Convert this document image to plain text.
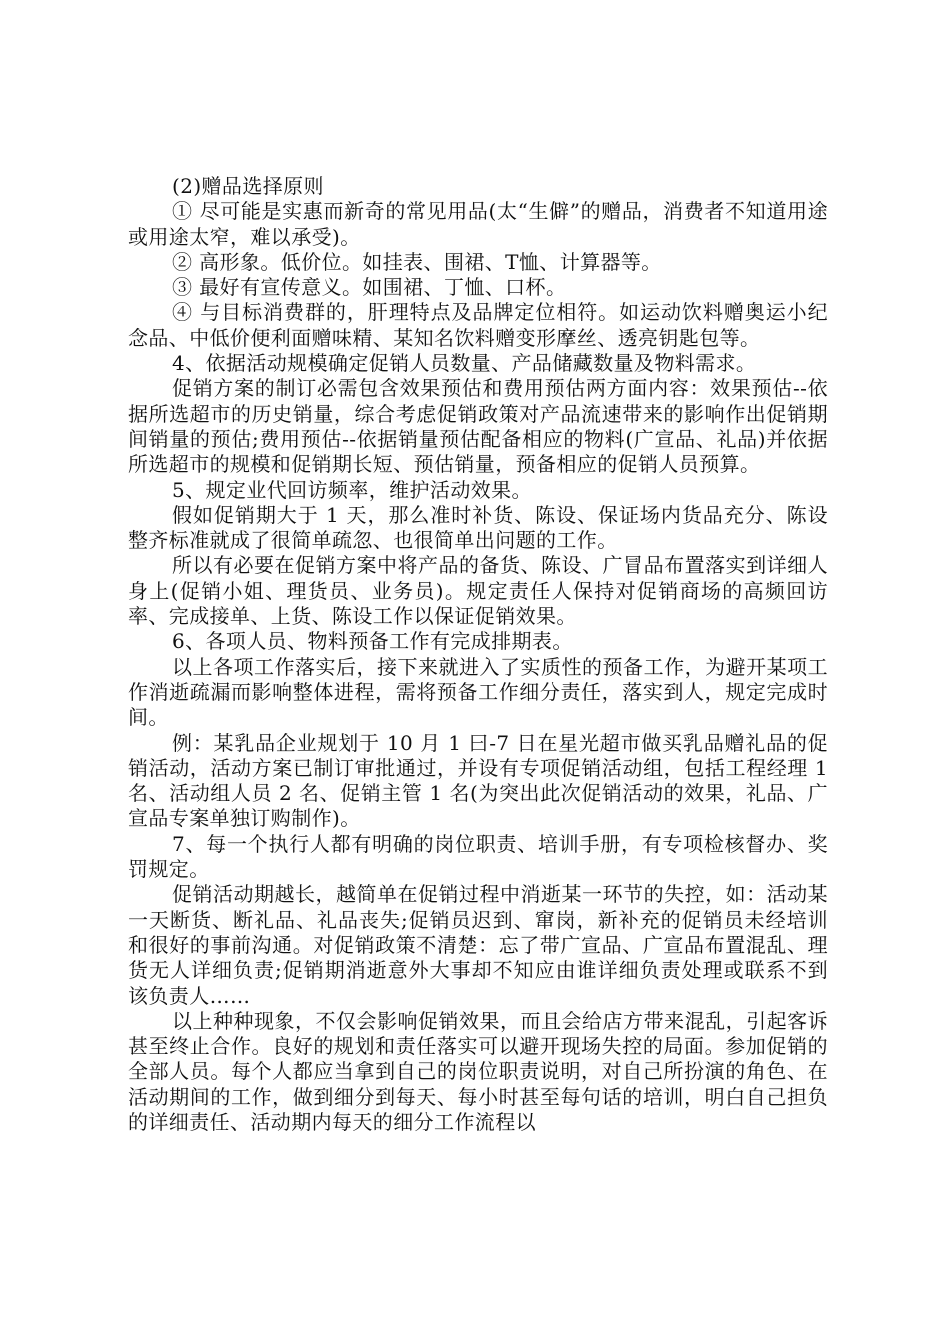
(2)赠品选择原则

① 尽可能是实惠而新奇的常见用品(太“生僻”的赠品，消费者不知道用途或用途太窄，难以承受)。

② 高形象。低价位。如挂表、围裙、T恤、计算器等。

③ 最好有宣传意义。如围裙、丁恤、口杯。

④ 与目标消费群的，肝理特点及品牌定位相符。如运动饮料赠奥运小纪念品、中低价便利面赠味精、某知名饮料赠变形摩丝、透亮钥匙包等。

4、依据活动规模确定促销人员数量、产品储藏数量及物料需求。

促销方案的制订必需包含效果预估和费用预估两方面内容：效果预估--依据所选超市的历史销量，综合考虑促销政策对产品流速带来的影响作出促销期间销量的预估;费用预估--依据销量预估配备相应的物料(广宣品、礼品)并依据所选超市的规模和促销期长短、预估销量，预备相应的促销人员预算。

5、规定业代回访频率，维护活动效果。

假如促销期大于 1 天，那么准时补货、陈设、保证场内货品充分、陈设整齐标准就成了很简单疏忽、也很简单出问题的工作。

所以有必要在促销方案中将产品的备货、陈设、广冒品布置落实到详细人身上(促销小姐、理货员、业务员)。规定责任人保持对促销商场的高频回访率、完成接单、上货、陈设工作以保证促销效果。

6、各项人员、物料预备工作有完成排期表。

以上各项工作落实后，接下来就进入了实质性的预备工作，为避开某项工作消逝疏漏而影响整体进程，需将预备工作细分责任，落实到人，规定完成时间。

例：某乳品企业规划于 10 月 1 曰-7 日在星光超市做买乳品赠礼品的促销活动，活动方案已制订审批通过，并设有专项促销活动组，包括工程经理 1 名、活动组人员 2 名、促销主管 1 名(为突出此次促销活动的效果，礼品、广宣品专案单独订购制作)。

7、每一个执行人都有明确的岗位职责、培训手册，有专项检核督办、奖罚规定。

促销活动期越长，越简单在促销过程中消逝某一环节的失控，如：活动某一天断货、断礼品、礼品丧失;促销员迟到、窜岗，新补充的促销员未经培训和很好的事前沟通。对促销政策不清楚：忘了带广宣品、广宣品布置混乱、理货无人详细负责;促销期消逝意外大事却不知应由谁详细负责处理或联系不到该负责人……

以上种种现象，不仅会影响促销效果，而且会给店方带来混乱，引起客诉甚至终止合作。良好的规划和责任落实可以避开现场失控的局面。参加促销的全部人员。每个人都应当拿到自己的岗位职责说明，对自己所扮演的角色、在活动期间的工作，做到细分到每天、每小时甚至每句话的培训，明白自己担负的详细责任、活动期内每天的细分工作流程以
